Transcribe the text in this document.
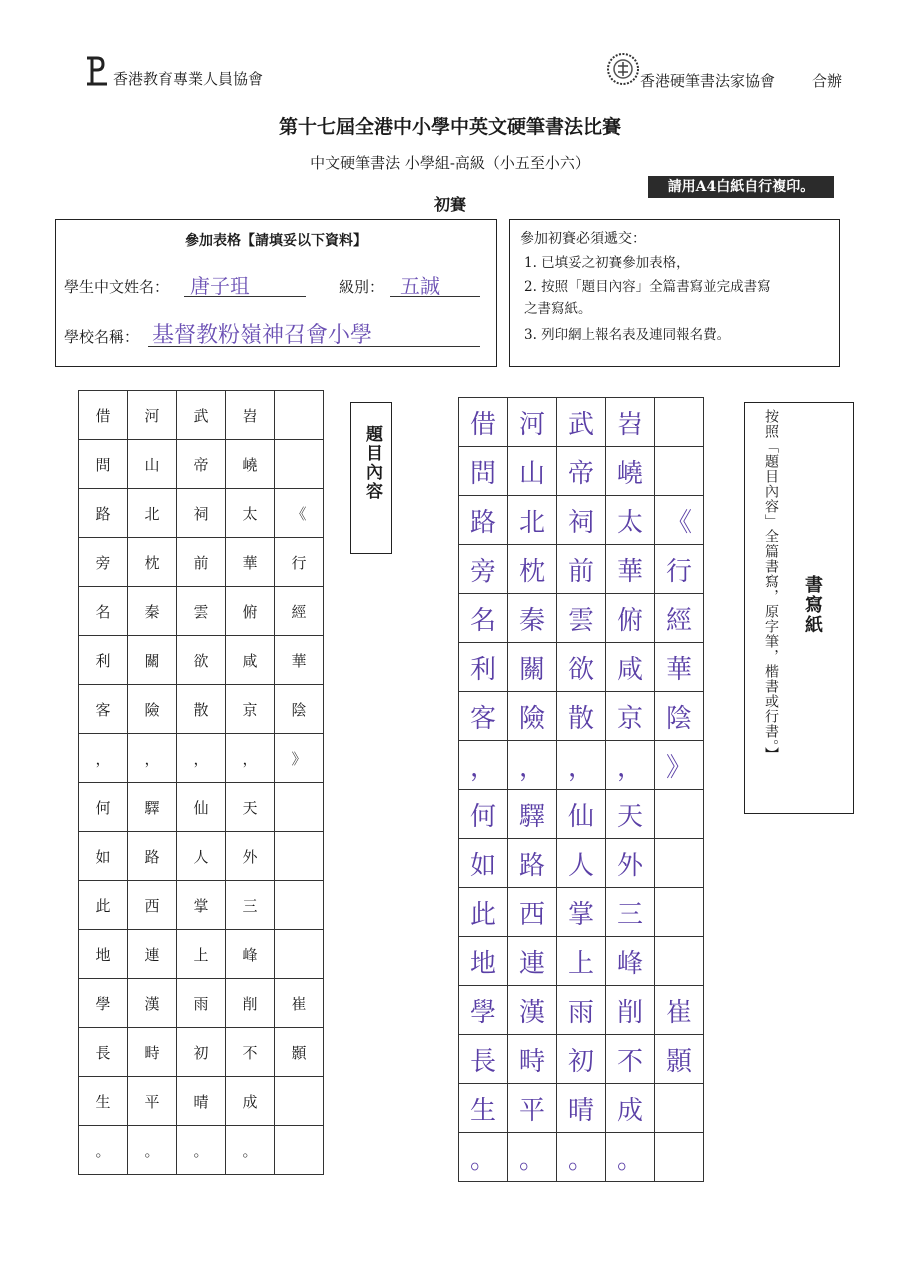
香港教育專業人員協會	香港硬筆書法家協會 合辦
第十七屆全港中小學中英文硬筆書法比賽
中文硬筆書法 小學組-高級（小五至小六）
請用A4白紙自行複印。
初賽
參加表格【請填妥以下資料】
學生中文姓名： 唐子珇	級別： 五誠
學校名稱： 基督教粉嶺神召會小學
參加初賽必須遞交：
1. 已填妥之初賽參加表格，
2. 按照「題目內容」全篇書寫並完成書寫
之書寫紙。
3. 列印網上報名表及連同報名費。
借	河	武	岧	
問	山	帝	嶢	
路	北	祠	太	《
旁	枕	前	華	行
名	秦	雲	俯	經
利	關	欲	咸	華
客	險	散	京	陰
，	，	，	，	》
何	驛	仙	天	
如	路	人	外	
此	西	掌	三	
地	連	上	峰	
學	漢	雨	削	崔
長	畤	初	不	顥
生	平	晴	成	
。	。	。	。	
題目內容
借	河	武	岧	
問	山	帝	嶢	
路	北	祠	太	《
旁	枕	前	華	行
名	秦	雲	俯	經
利	關	欲	咸	華
客	險	散	京	陰
，	，	，	，	》
何	驛	仙	天	
如	路	人	外	
此	西	掌	三	
地	連	上	峰	
學	漢	雨	削	崔
長	畤	初	不	顥
生	平	晴	成	
。	。	。	。	
按照「題目內容」全篇書寫，原字筆，楷書或行書。】 書寫紙
